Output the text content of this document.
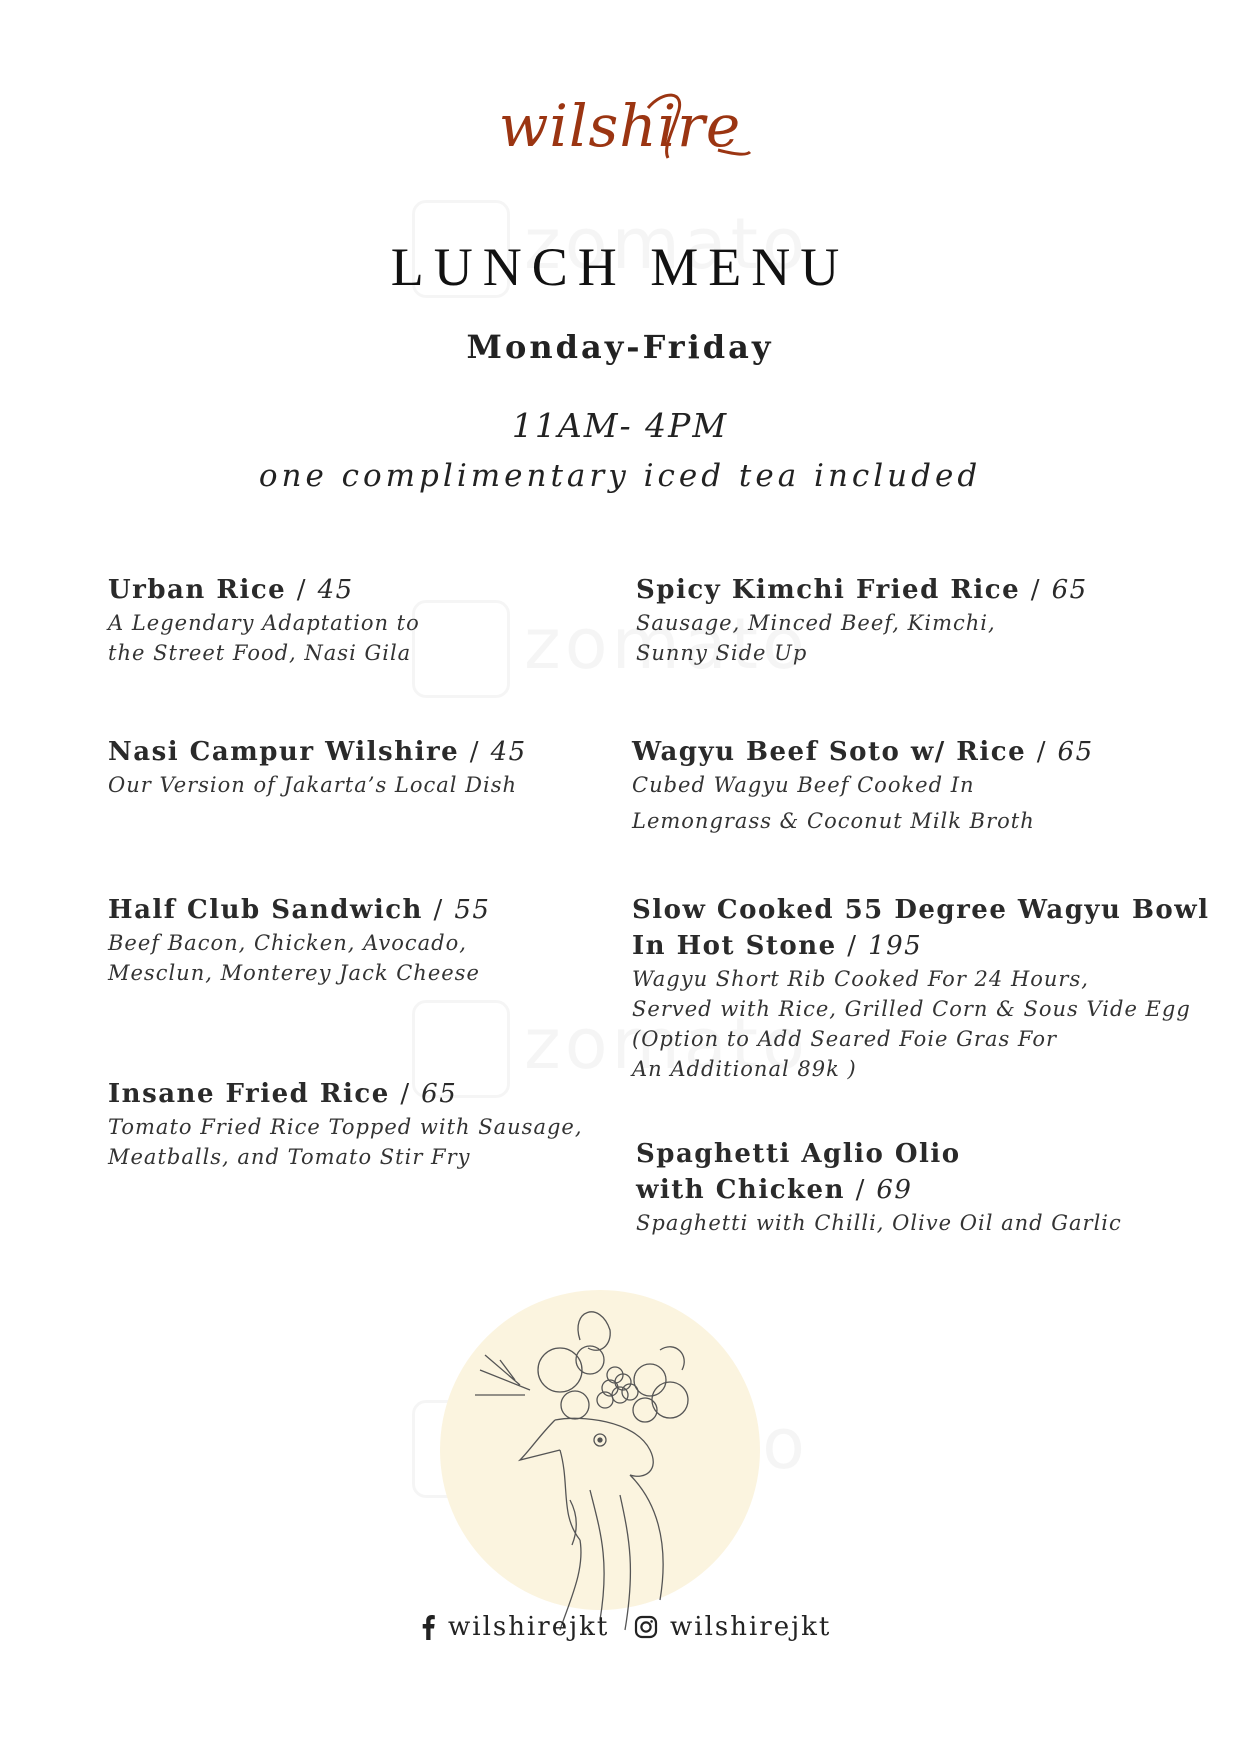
wilshire
LUNCH MENU
Monday-Friday
11AM- 4PM
one complimentary iced tea included
Urban Rice / 45
A Legendary Adaptation to
the Street Food, Nasi Gila
Nasi Campur Wilshire / 45
Our Version of Jakarta’s Local Dish
Half Club Sandwich / 55
Beef Bacon, Chicken, Avocado,
Mesclun, Monterey Jack Cheese
Insane Fried Rice / 65
Tomato Fried Rice Topped with Sausage,
Meatballs, and Tomato Stir Fry
Spicy Kimchi Fried Rice / 65
Sausage, Minced Beef, Kimchi,
Sunny Side Up
Wagyu Beef Soto w/ Rice / 65
Cubed Wagyu Beef Cooked In
Lemongrass & Coconut Milk Broth
Slow Cooked 55 Degree Wagyu Bowl
In Hot Stone / 195
Wagyu Short Rib Cooked For 24 Hours,
Served with Rice, Grilled Corn & Sous Vide Egg
(Option to Add Seared Foie Gras For
An Additional 89k )
Spaghetti Aglio Olio
with Chicken / 69
Spaghetti with Chilli, Olive Oil and Garlic
wilshirejkt wilshirejkt
